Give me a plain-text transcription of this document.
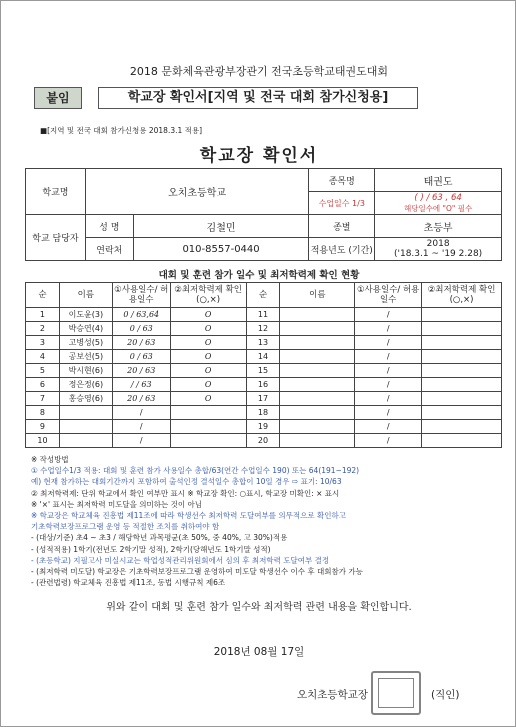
2018 문화체육관광부장관기 전국초등학교태권도대회
붙임	학교장 확인서[지역 및 전국 대회 참가신청용]
■[지역 및 전국 대회 참가신청용 2018.3.1 적용]
학교장 확인서
학교명	오치초등학교		종목명	태권도
			수업일수 1/3	( ) / 63 , 64
해당일수에 "O" 필수

학교 담당자	성 명	김철민	종별	초등부
	연락처	010-8557-0440	적용년도 (기간)	2018
('18.3.1 ~ '19 2.28)
대회 및 훈련 참가 일수 및 최저학력제 확인 현황
순	이름	①사용일수/ 허용일수	②최저학력제 확인(○,×)	순	이름	①사용일수/ 허용일수	②최저학력제 확인(○,×)
1	이도윤(3)	0 / 63,64	O	11		/	
2	박승연(4)	0 / 63	O	12		/	
3	고병성(5)	20 / 63	O	13		/	
4	공보선(5)	0 / 63	O	14		/	
5	박시현(6)	20 / 63	O	15		/	
6	정은정(6)	/ / 63	O	16		/	
7	홍승영(6)	20 / 63	O	17		/	
8		/		18		/	
9		/		19		/	
10		/		20		/	
※ 작성방법
① 수업일수1/3 적용: 대회 및 훈련 참가 사용일수 총합/63(연간 수업일수 190) 또는 64(191~192)
예) 현재 참가하는 대회기간까지 포함하여 출석인정 결석일수 총합이 10일 경우 ⇨ 표기: 10/63
② 최저학력제: 단위 학교에서 확인 여부만 표시 ※ 학교장 확인: ○표시, 학교장 미확인: × 표시
※ '×' 표시는 최저학력 미도달을 의미하는 것이 아님
※ 학교장은 학교체육 진흥법 제11조에 따라 학생선수 최저학력 도달여부를 의무적으로 확인하고
기초학력보장프로그램 운영 등 적절한 조치를 취하여야 함
- (대상/기준) 초4 ~ 초3 / 해당학년 과목평균(초 50%, 중 40%, 고 30%)적용
- (성적적용) 1학기(전년도 2학기말 성적), 2학기(당해년도 1학기말 성적)
- (초등학교) 지필고사 미실시교는 학업성적관리위원회에서 심의 후 최저학력 도달여부 결정
- (최저학력 미도달) 학교장은 기초학력보장프로그램 운영하여 미도달 학생선수 이수 후 대회참가 가능
- (관련법령) 학교체육 진흥법 제11조, 동법 시행규칙 제6조
위와 같이 대회 및 훈련 참가 일수와 최저학력 관련 내용을 확인합니다.
2018년 08월 17일
오치초등학교장	(직인)
